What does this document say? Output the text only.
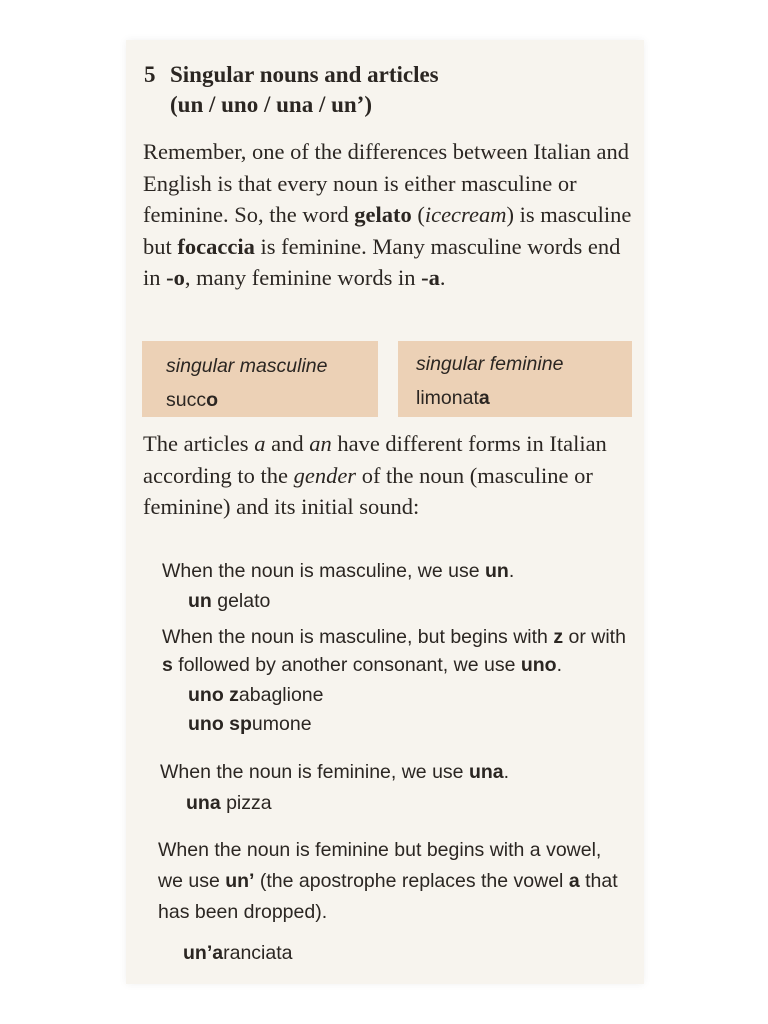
5 Singular nouns and articles
(un / uno / una / un’)
Remember, one of the differences between Italian and English is that every noun is either masculine or feminine. So, the word gelato (icecream) is masculine but focaccia is feminine. Many masculine words end in -o, many feminine words in -a.
singular masculine
succo
singular feminine
limonata
The articles a and an have different forms in Italian according to the gender of the noun (masculine or feminine) and its initial sound:
When the noun is masculine, we use un.
un gelato
When the noun is masculine, but begins with z or with s followed by another consonant, we use uno.
uno zabaglione
uno spumone
When the noun is feminine, we use una.
una pizza
When the noun is feminine but begins with a vowel, we use un’ (the apostrophe replaces the vowel a that has been dropped).
un’aranciata
